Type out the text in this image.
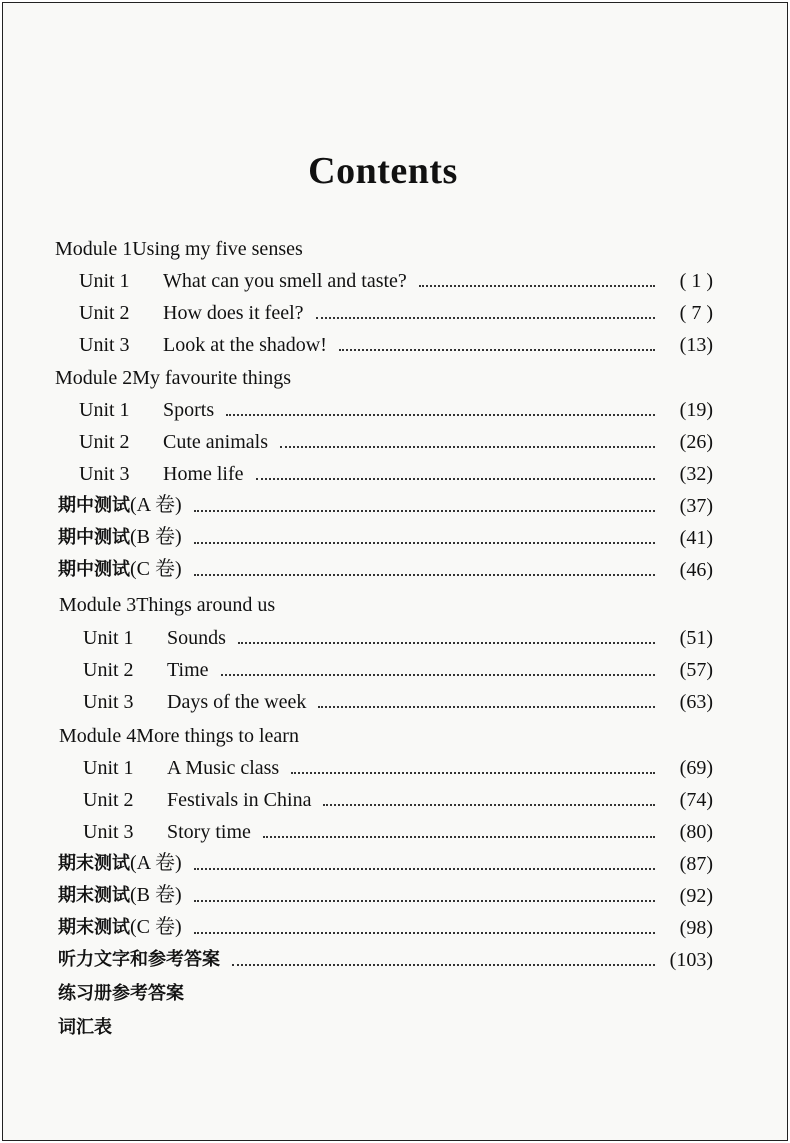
Contents
Module 1Using my five senses
Unit 1 What can you smell and taste?	( 1 )
Unit 2 How does it feel?	( 7 )
Unit 3 Look at the shadow!	(13)
Module 2My favourite things
Unit 1 Sports	(19)
Unit 2 Cute animals	(26)
Unit 3 Home life	(32)
期中测试(A 卷)	(37)
期中测试(B 卷)	(41)
期中测试(C 卷)	(46)
Module 3Things around us
Unit 1 Sounds	(51)
Unit 2 Time	(57)
Unit 3 Days of the week	(63)
Module 4More things to learn
Unit 1 A Music class	(69)
Unit 2 Festivals in China	(74)
Unit 3 Story time	(80)
期末测试(A 卷)	(87)
期末测试(B 卷)	(92)
期末测试(C 卷)	(98)
听力文字和参考答案	(103)
练习册参考答案
词汇表
